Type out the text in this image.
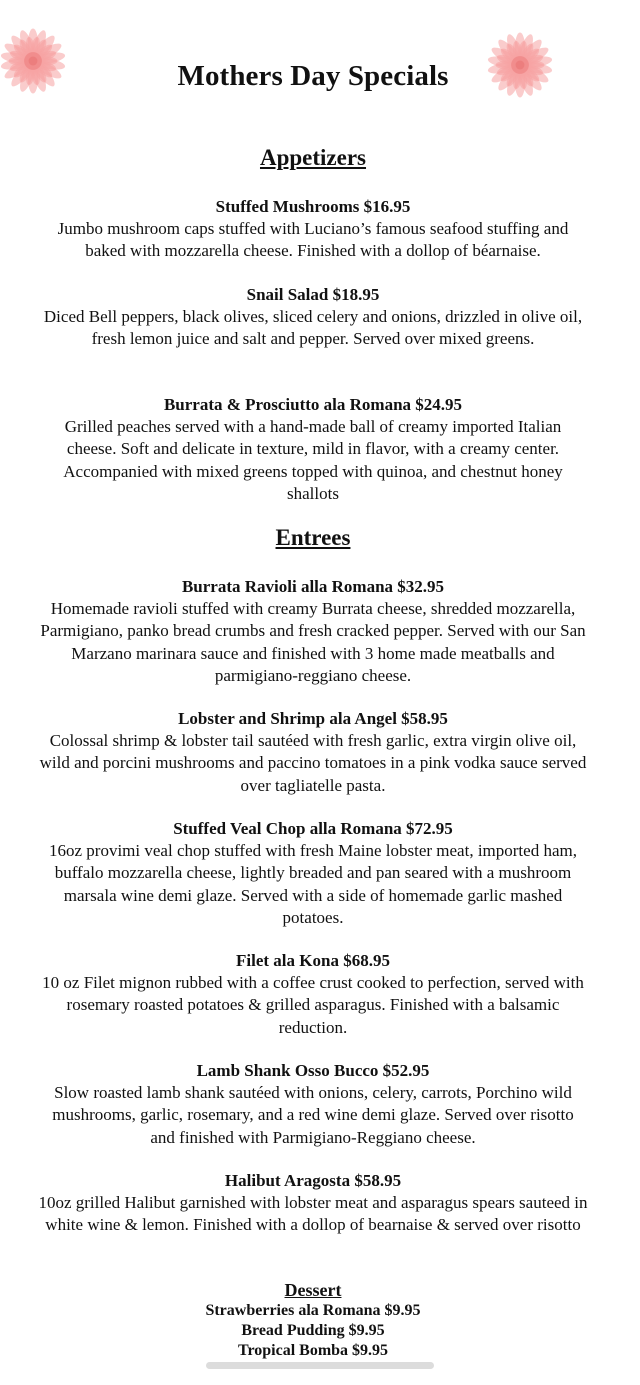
Mothers Day Specials
Appetizers
Stuffed Mushrooms $16.95
Jumbo mushroom caps stuffed with Luciano’s famous seafood stuffing and baked with mozzarella cheese. Finished with a dollop of béarnaise.
Snail Salad $18.95
Diced Bell peppers, black olives, sliced celery and onions, drizzled in olive oil, fresh lemon juice and salt and pepper. Served over mixed greens.
Burrata & Prosciutto ala Romana $24.95
Grilled peaches served with a hand-made ball of creamy imported Italian cheese. Soft and delicate in texture, mild in flavor, with a creamy center. Accompanied with mixed greens topped with quinoa, and chestnut honey shallots
Entrees
Burrata Ravioli alla Romana $32.95
Homemade ravioli stuffed with creamy Burrata cheese, shredded mozzarella,     Parmigiano, panko bread crumbs and fresh cracked pepper. Served with our San Marzano marinara sauce and finished with 3 home made meatballs and parmigiano-reggiano cheese.
Lobster and Shrimp ala Angel $58.95
Colossal shrimp & lobster tail sautéed with fresh garlic, extra virgin olive oil, wild and porcini mushrooms and paccino tomatoes in a pink vodka sauce served over tagliatelle pasta.
Stuffed Veal Chop alla Romana $72.95
16oz provimi veal chop stuffed with fresh Maine lobster meat, imported ham, buffalo mozzarella cheese, lightly breaded and pan seared with a mushroom marsala wine demi glaze. Served with a side of homemade garlic mashed potatoes.
Filet ala Kona $68.95
10 oz Filet mignon rubbed with a coffee crust cooked to perfection, served with rosemary roasted potatoes & grilled asparagus. Finished with a balsamic reduction.
Lamb Shank Osso Bucco $52.95
Slow roasted lamb shank sautéed with onions, celery, carrots, Porchino wild mushrooms, garlic, rosemary, and a red wine demi glaze. Served over risotto and finished with Parmigiano-Reggiano cheese.
Halibut Aragosta $58.95
10oz grilled Halibut garnished with lobster meat and asparagus spears sauteed in white wine & lemon. Finished with a dollop of bearnaise & served over risotto
Dessert
Strawberries ala Romana $9.95
Bread Pudding $9.95
Tropical Bomba $9.95
